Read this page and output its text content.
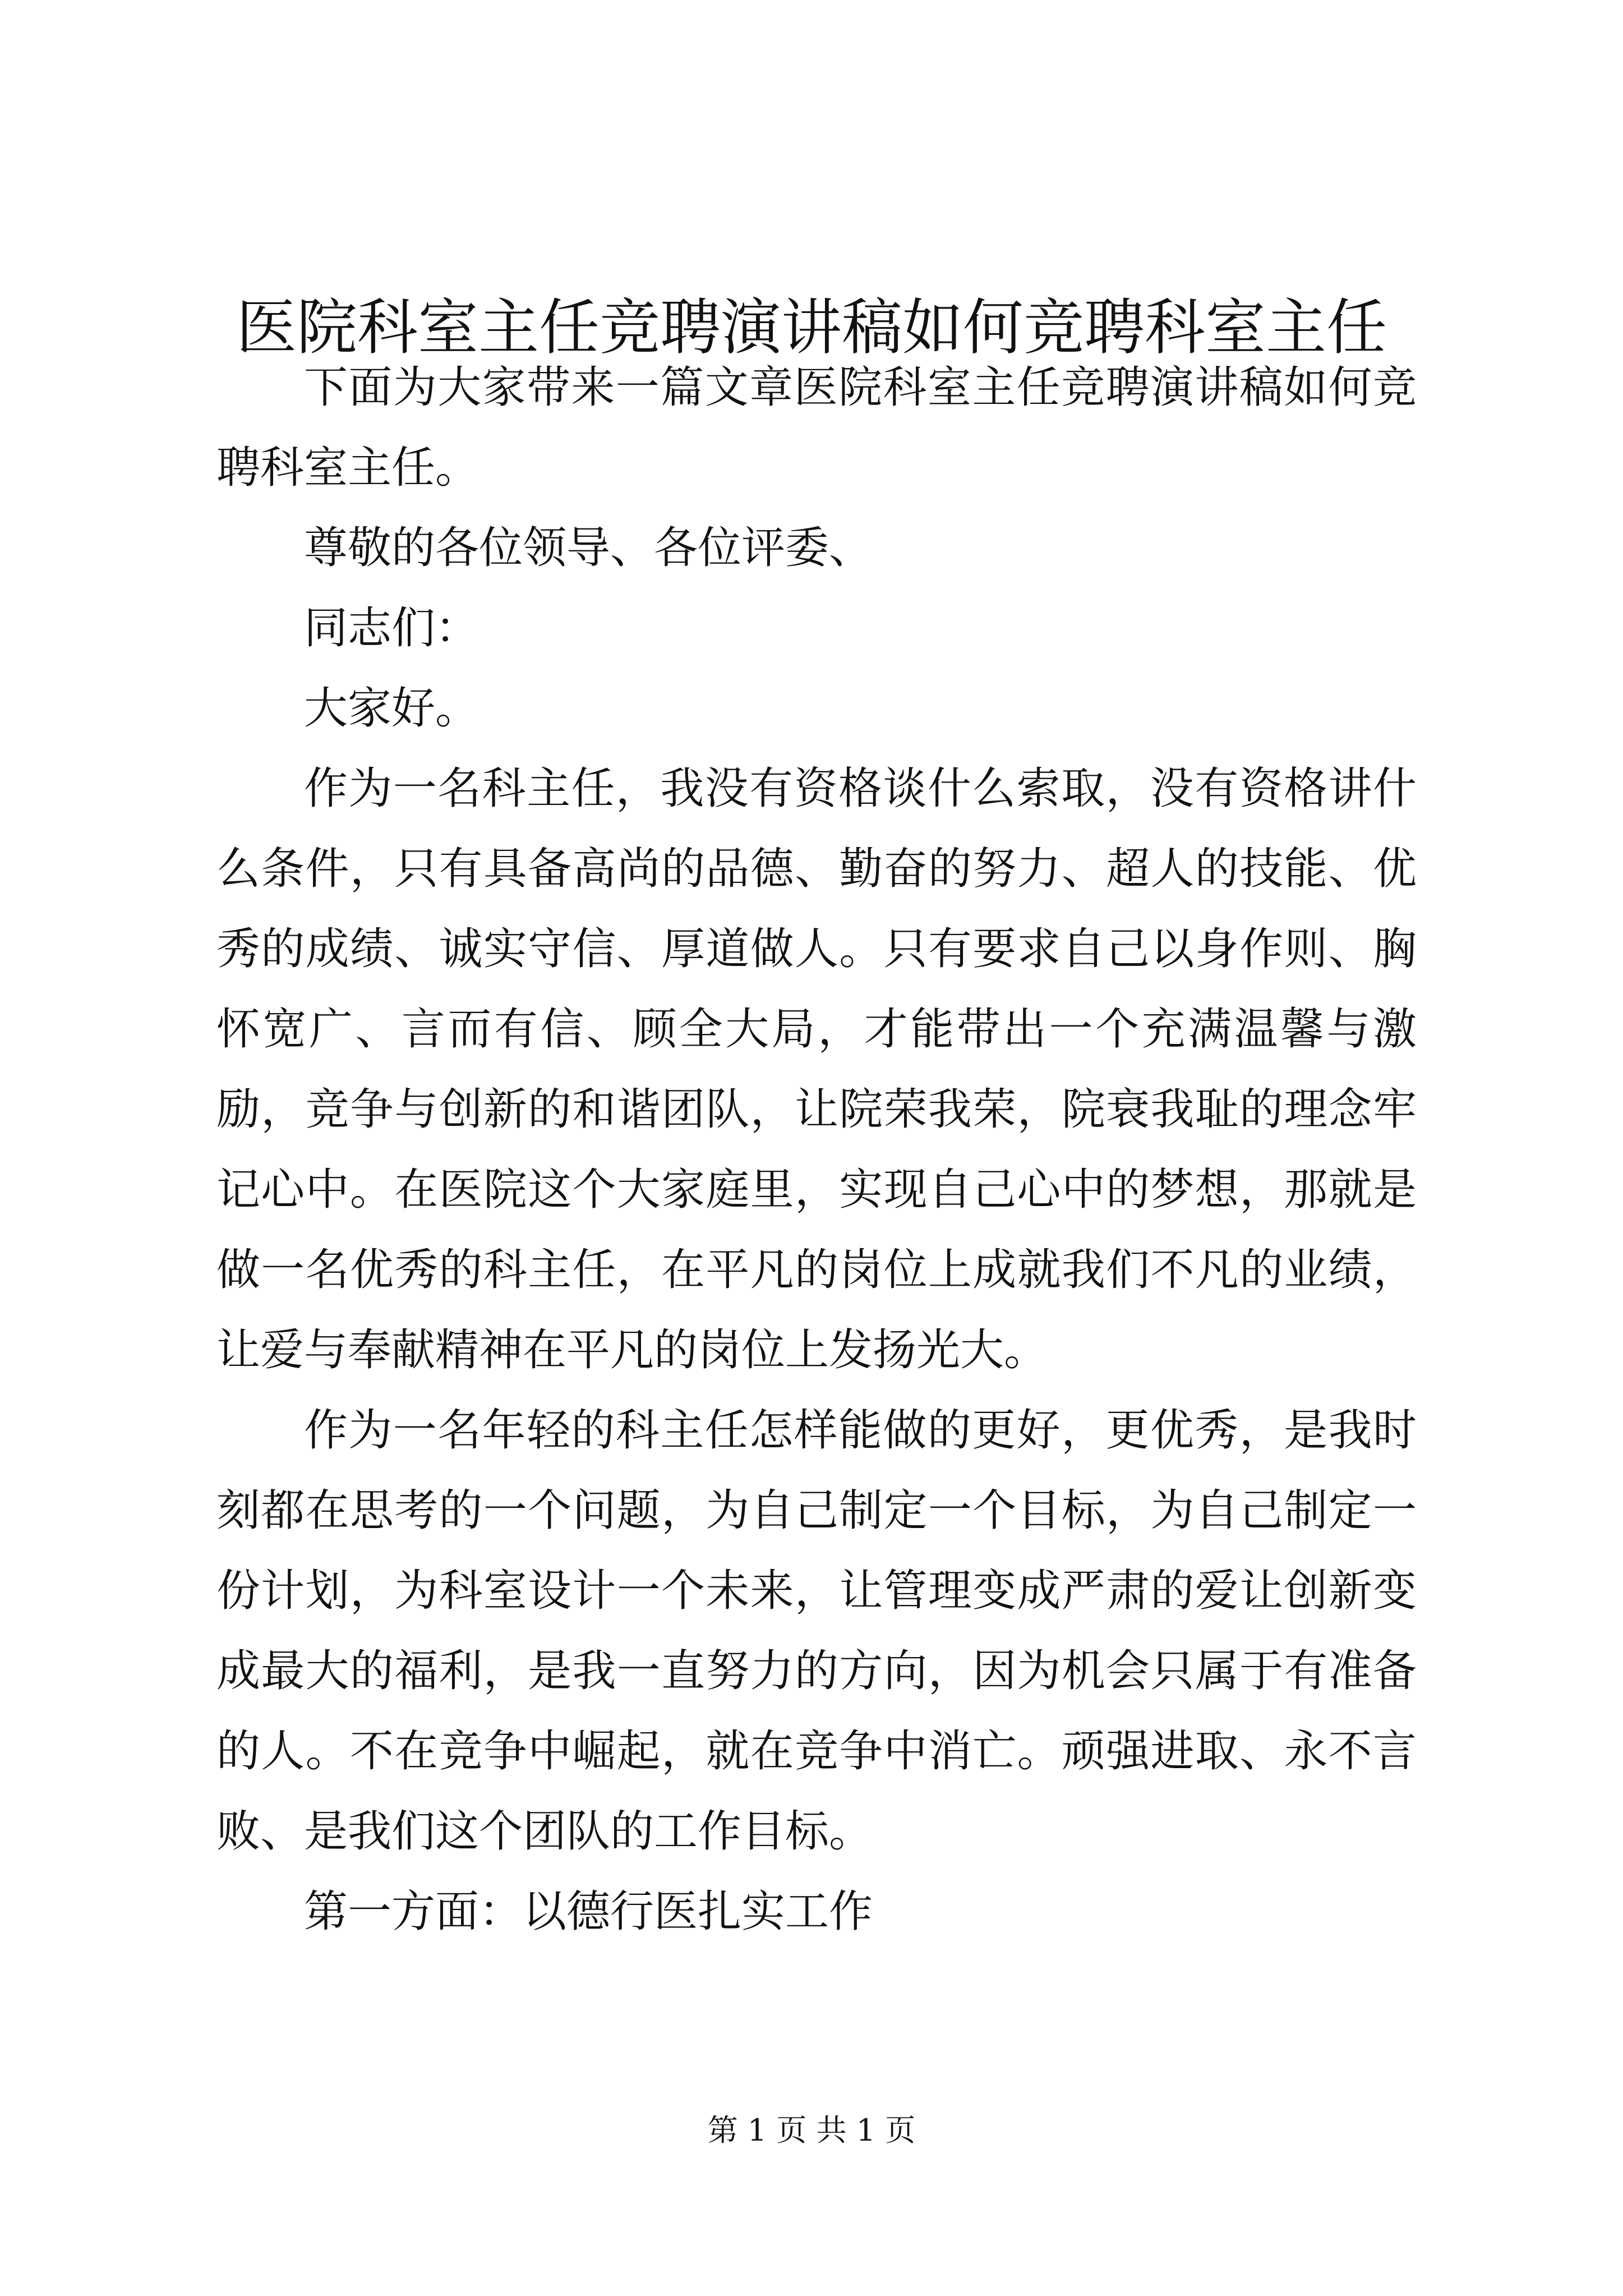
医院科室主任竞聘演讲稿如何竞聘科室主任

下面为大家带来一篇文章医院科室主任竞聘演讲稿如何竞聘科室主任。

尊敬的各位领导、各位评委、

同志们：

大家好。

作为一名科主任，我没有资格谈什么索取，没有资格讲什么条件，只有具备高尚的品德、勤奋的努力、超人的技能、优秀的成绩、诚实守信、厚道做人。只有要求自己以身作则、胸怀宽广、言而有信、顾全大局，才能带出一个充满温馨与激励，竞争与创新的和谐团队，让院荣我荣，院衰我耻的理念牢记心中。在医院这个大家庭里，实现自己心中的梦想，那就是做一名优秀的科主任，在平凡的岗位上成就我们不凡的业绩，让爱与奉献精神在平凡的岗位上发扬光大。

作为一名年轻的科主任怎样能做的更好，更优秀，是我时刻都在思考的一个问题，为自己制定一个目标，为自己制定一份计划，为科室设计一个未来，让管理变成严肃的爱让创新变成最大的福利，是我一直努力的方向，因为机会只属于有准备的人。不在竞争中崛起，就在竞争中消亡。顽强进取、永不言败、是我们这个团队的工作目标。

第一方面：以德行医扎实工作

第 1 页 共 1 页
